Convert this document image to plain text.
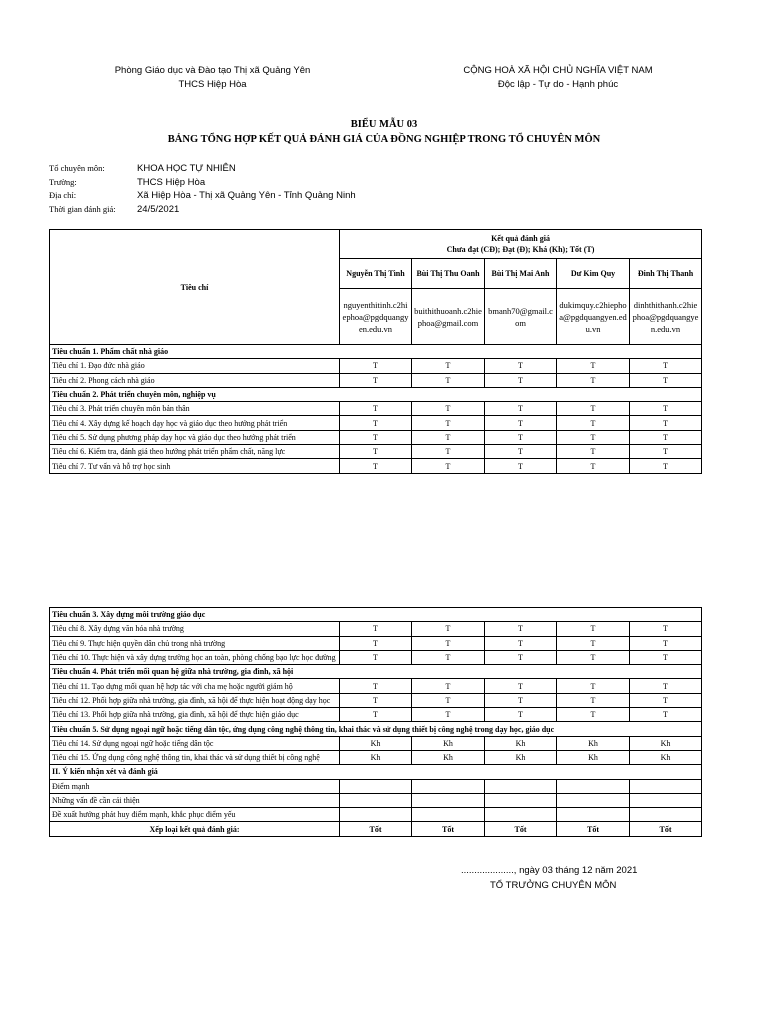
Phòng Giáo dục và Đào tạo Thị xã Quảng Yên
THCS Hiệp Hòa
CỘNG HOÀ XÃ HỘI CHỦ NGHĨA VIỆT NAM
Độc lập - Tự do - Hạnh phúc
BIỂU MẪU 03
BẢNG TỔNG HỢP KẾT QUẢ ĐÁNH GIÁ CỦA ĐỒNG NGHIỆP TRONG TỔ CHUYÊN MÔN
Tổ chuyên môn:	KHOA HỌC TỰ NHIÊN
Trường:	THCS Hiệp Hòa
Địa chỉ:	Xã Hiệp Hòa - Thị xã Quảng Yên - Tỉnh Quảng Ninh
Thời gian đánh giá:	24/5/2021
Tiêu chí	Kết quả đánh giá
Chưa đạt (CĐ); Đạt (Đ); Khá (Kh); Tốt (T)				

	Nguyễn Thị Tình	Bùi Thị Thu Oanh	Bùi Thị Mai Anh	Dư Kim Quy	Đinh Thị Thanh
	nguyenthitinh.c2hiephoa@pgdquangyen.edu.vn	buithithuoanh.c2hiephoa@gmail.com	bmanh70@gmail.com	dukimquy.c2hiephoa@pgdquangyen.edu.vn	dinhthithanh.c2hiephoa@pgdquangyen.edu.vn
Tiêu chuẩn 1. Phẩm chất nhà giáo					
Tiêu chí 1. Đạo đức nhà giáo	T	T	T	T	T
Tiêu chí 2. Phong cách nhà giáo	T	T	T	T	T
Tiêu chuẩn 2. Phát triển chuyên môn, nghiệp vụ					
Tiêu chí 3. Phát triển chuyên môn bản thân	T	T	T	T	T
Tiêu chí 4. Xây dựng kế hoạch dạy học và giáo dục theo hướng phát triển	T	T	T	T	T
Tiêu chí 5. Sử dụng phương pháp dạy học và giáo dục theo hướng phát triển	T	T	T	T	T
Tiêu chí 6. Kiểm tra, đánh giá theo hướng phát triển phẩm chất, năng lực	T	T	T	T	T
Tiêu chí 7. Tư vấn và hỗ trợ học sinh	T	T	T	T	T
Tiêu chuẩn 3. Xây dựng môi trường giáo dục					
Tiêu chí 8. Xây dựng văn hóa nhà trường	T	T	T	T	T
Tiêu chí 9. Thực hiện quyền dân chủ trong nhà trường	T	T	T	T	T
Tiêu chí 10. Thực hiện và xây dựng trường học an toàn, phòng chống bạo lực học đường	T	T	T	T	T
Tiêu chuẩn 4. Phát triển mối quan hệ giữa nhà trường, gia đình, xã hội					
Tiêu chí 11. Tạo dựng mối quan hệ hợp tác với cha mẹ hoặc người giám hộ	T	T	T	T	T
Tiêu chí 12. Phối hợp giữa nhà trường, gia đình, xã hội để thực hiện hoạt động dạy học	T	T	T	T	T
Tiêu chí 13. Phối hợp giữa nhà trường, gia đình, xã hội để thực hiện giáo dục	T	T	T	T	T
Tiêu chuẩn 5. Sử dụng ngoại ngữ hoặc tiếng dân tộc, ứng dụng công nghệ thông tin, khai thác và sử dụng thiết bị công nghệ trong dạy học, giáo dục					
Tiêu chí 14. Sử dụng ngoại ngữ hoặc tiếng dân tộc	Kh	Kh	Kh	Kh	Kh
Tiêu chí 15. Ứng dụng công nghệ thông tin, khai thác và sử dụng thiết bị công nghệ	Kh	Kh	Kh	Kh	Kh
II. Ý kiến nhận xét và đánh giá					
Điểm mạnh					
Những vấn đề cần cải thiện					
Đề xuất hướng phát huy điểm mạnh, khắc phục điểm yếu					
Xếp loại kết quả đánh giá:	Tốt	Tốt	Tốt	Tốt	Tốt
...................., ngày 03 tháng 12 năm 2021
TỔ TRƯỞNG CHUYÊN MÔN
